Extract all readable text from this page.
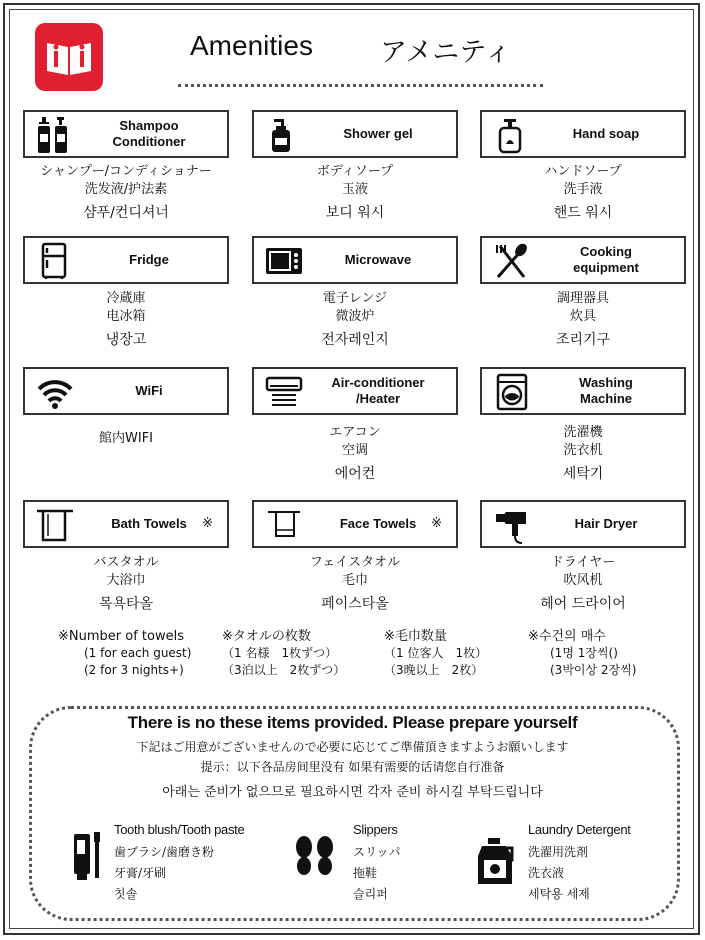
Amenities アメニティ
Shampoo
Conditioner
Shower gel	Hand soap
シャンプー/コンディショナー
洗发液/护法素
샴푸/컨디셔너
ボディソープ
玉液
보디 워시
ハンドソープ
洗手液
핸드 워시
Fridge	Microwave
Cooking
equipment
冷蔵庫
电冰箱
냉장고
電子レンジ
微波炉
전자레인지
調理器具
炊具
조리기구
WiFi
Air-conditioner
/Heater
Washing
Machine
館内WIFI	エアコン
空调
에어컨
洗濯機
洗衣机
세탁기
Bath Towels	※	Face Towels	※	Hair Dryer
バスタオル
大浴巾
목욕타올
フェイスタオル
毛巾
페이스타올
ドライヤー
吹风机
헤어 드라이어
※Number of towels
(1 for each guest)
(2 for 3 nights+)
※タオルの枚数
（1 名様　1枚ずつ）
（3泊以上　2枚ずつ）
※毛巾数量
（1 位客人　1枚）
（3晚以上　2枚）
※수건의 매수
(1명 1장씩()
(3박이상 2장씩)
There is no these items provided. Please prepare yourself
下記はご用意がございませんので必要に応じてご準備頂きますようお願いします
提示：以下各品房间里没有 如果有需要的话请您自行准备
아래는 준비가 없으므로 필요하시면 각자 준비 하시길 부탁드립니다
Tooth blush/Tooth paste
歯ブラシ/歯磨き粉
牙膏/牙刷
칫솔
Slippers
スリッパ
拖鞋
슬리퍼
Laundry Detergent
洗濯用洗剤
洗衣液
세탁용 세제
